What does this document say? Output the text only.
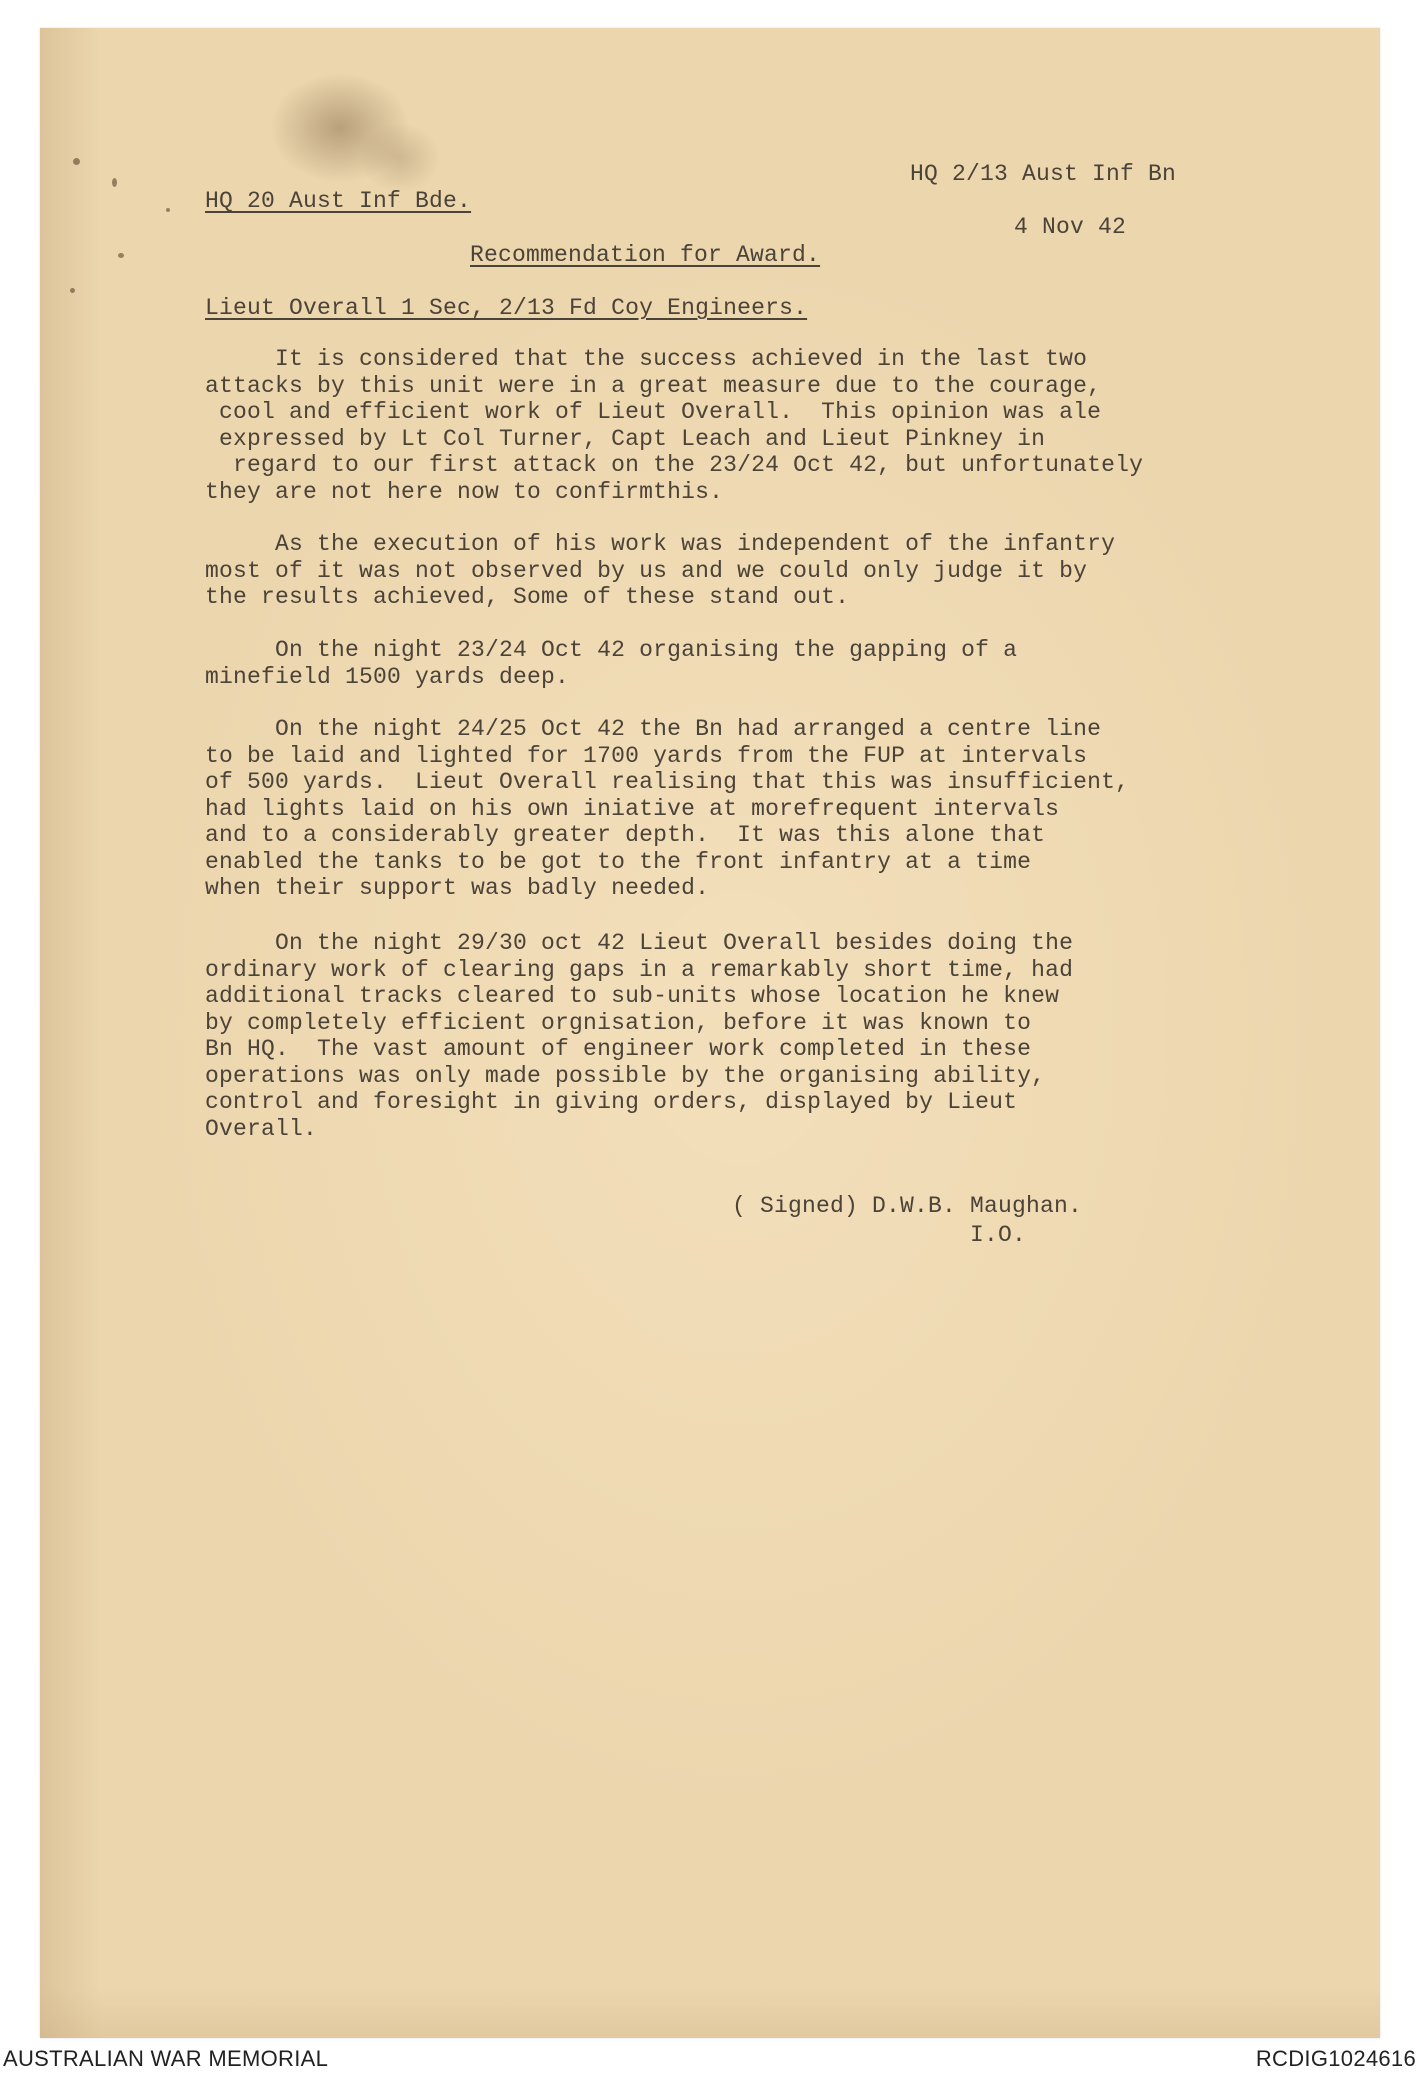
HQ 2/13 Aust Inf Bn

4 Nov 42

HQ 20 Aust Inf Bde.
Recommendation for Award.
Lieut Overall 1 Sec, 2/13 Fd Coy Engineers.
It is considered that the success achieved in the last two
attacks by this unit were in a great measure due to the courage,
cool and efficient work of Lieut Overall.  This opinion was ale
expressed by Lt Col Turner, Capt Leach and Lieut Pinkney in
regard to our first attack on the 23/24 Oct 42, but unfortunately
they are not here now to confirmthis.
As the execution of his work was independent of the infantry
most of it was not observed by us and we could only judge it by
the results achieved, Some of these stand out.
On the night 23/24 Oct 42 organising the gapping of a
minefield 1500 yards deep.
On the night 24/25 Oct 42 the Bn had arranged a centre line
to be laid and lighted for 1700 yards from the FUP at intervals
of 500 yards.  Lieut Overall realising that this was insufficient,
had lights laid on his own iniative at morefrequent intervals
and to a considerably greater depth.  It was this alone that
enabled the tanks to be got to the front infantry at a time
when their support was badly needed.
On the night 29/30 oct 42 Lieut Overall besides doing the
ordinary work of clearing gaps in a remarkably short time, had
additional tracks cleared to sub-units whose location he knew
by completely efficient orgnisation, before it was known to
Bn HQ.  The vast amount of engineer work completed in these
operations was only made possible by the organising ability,
control and foresight in giving orders, displayed by Lieut
Overall.
( Signed) D.W.B. Maughan.
I.O.
AUSTRALIAN WAR MEMORIAL	RCDIG1024616
